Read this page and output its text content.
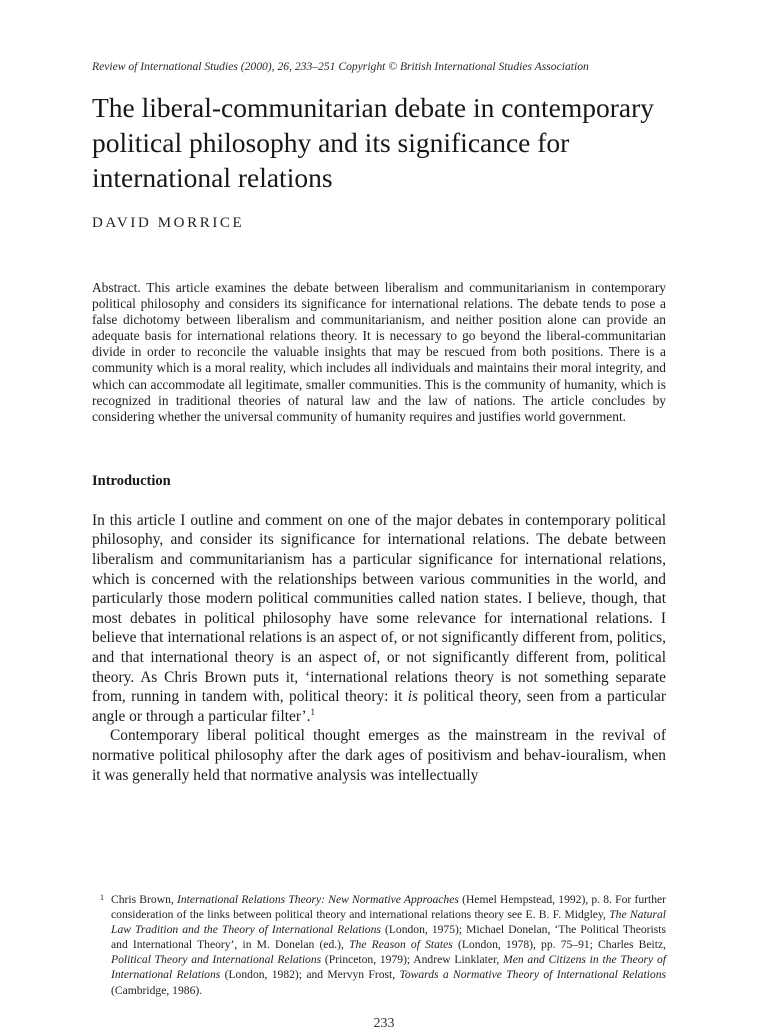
Review of International Studies (2000), 26, 233–251 Copyright © British International Studies Association
The liberal-communitarian debate in contemporary political philosophy and its significance for international relations
DAVID MORRICE
Abstract. This article examines the debate between liberalism and communitarianism in contemporary political philosophy and considers its significance for international relations. The debate tends to pose a false dichotomy between liberalism and communitarianism, and neither position alone can provide an adequate basis for international relations theory. It is necessary to go beyond the liberal-communitarian divide in order to reconcile the valuable insights that may be rescued from both positions. There is a community which is a moral reality, which includes all individuals and maintains their moral integrity, and which can accommodate all legitimate, smaller communities. This is the community of humanity, which is recognized in traditional theories of natural law and the law of nations. The article concludes by considering whether the universal community of humanity requires and justifies world government.
Introduction

In this article I outline and comment on one of the major debates in contemporary political philosophy, and consider its significance for international relations. The debate between liberalism and communitarianism has a particular significance for international relations, which is concerned with the relationships between various communities in the world, and particularly those modern political communities called nation states. I believe, though, that most debates in political philosophy have some relevance for international relations. I believe that international relations is an aspect of, or not significantly different from, politics, and that international theory is an aspect of, or not significantly different from, political theory. As Chris Brown puts it, ‘international relations theory is not something separate from, running in tandem with, political theory: it is political theory, seen from a particular angle or through a particular filter’.$^1$

Contemporary liberal political thought emerges as the mainstream in the revival of normative political philosophy after the dark ages of positivism and behav-iouralism, when it was generally held that normative analysis was intellectually

1 Chris Brown, International Relations Theory: New Normative Approaches (Hemel Hempstead, 1992), p. 8. For further consideration of the links between political theory and international relations theory see E. B. F. Midgley, The Natural Law Tradition and the Theory of International Relations (London, 1975); Michael Donelan, ‘The Political Theorists and International Theory’, in M. Donelan (ed.), The Reason of States (London, 1978), pp. 75–91; Charles Beitz, Political Theory and International Relations (Princeton, 1979); Andrew Linklater, Men and Citizens in the Theory of International Relations (London, 1982); and Mervyn Frost, Towards a Normative Theory of International Relations (Cambridge, 1986).
233
